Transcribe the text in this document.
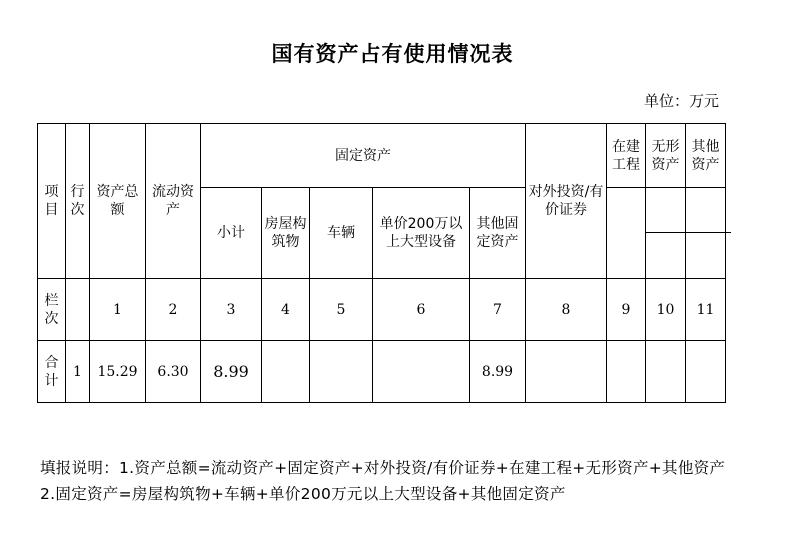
国有资产占有使用情况表
单位：万元
项目	行次	资产总额	流动资产	固定资产					对外投资/有价证券	在建工程	无形资产	其他资产
				小计	房屋构筑物	车辆	单价200万以上大型设备	其他固定资产				

栏次		1	2	3	4	5	6	7	8	9	10	11
合计	1	15.29	6.30	8.99				8.99				
填报说明：1.资产总额=流动资产+固定资产+对外投资/有价证券+在建工程+无形资产+其他资产 2.固定资产=房屋构筑物+车辆+单价200万元以上大型设备+其他固定资产
